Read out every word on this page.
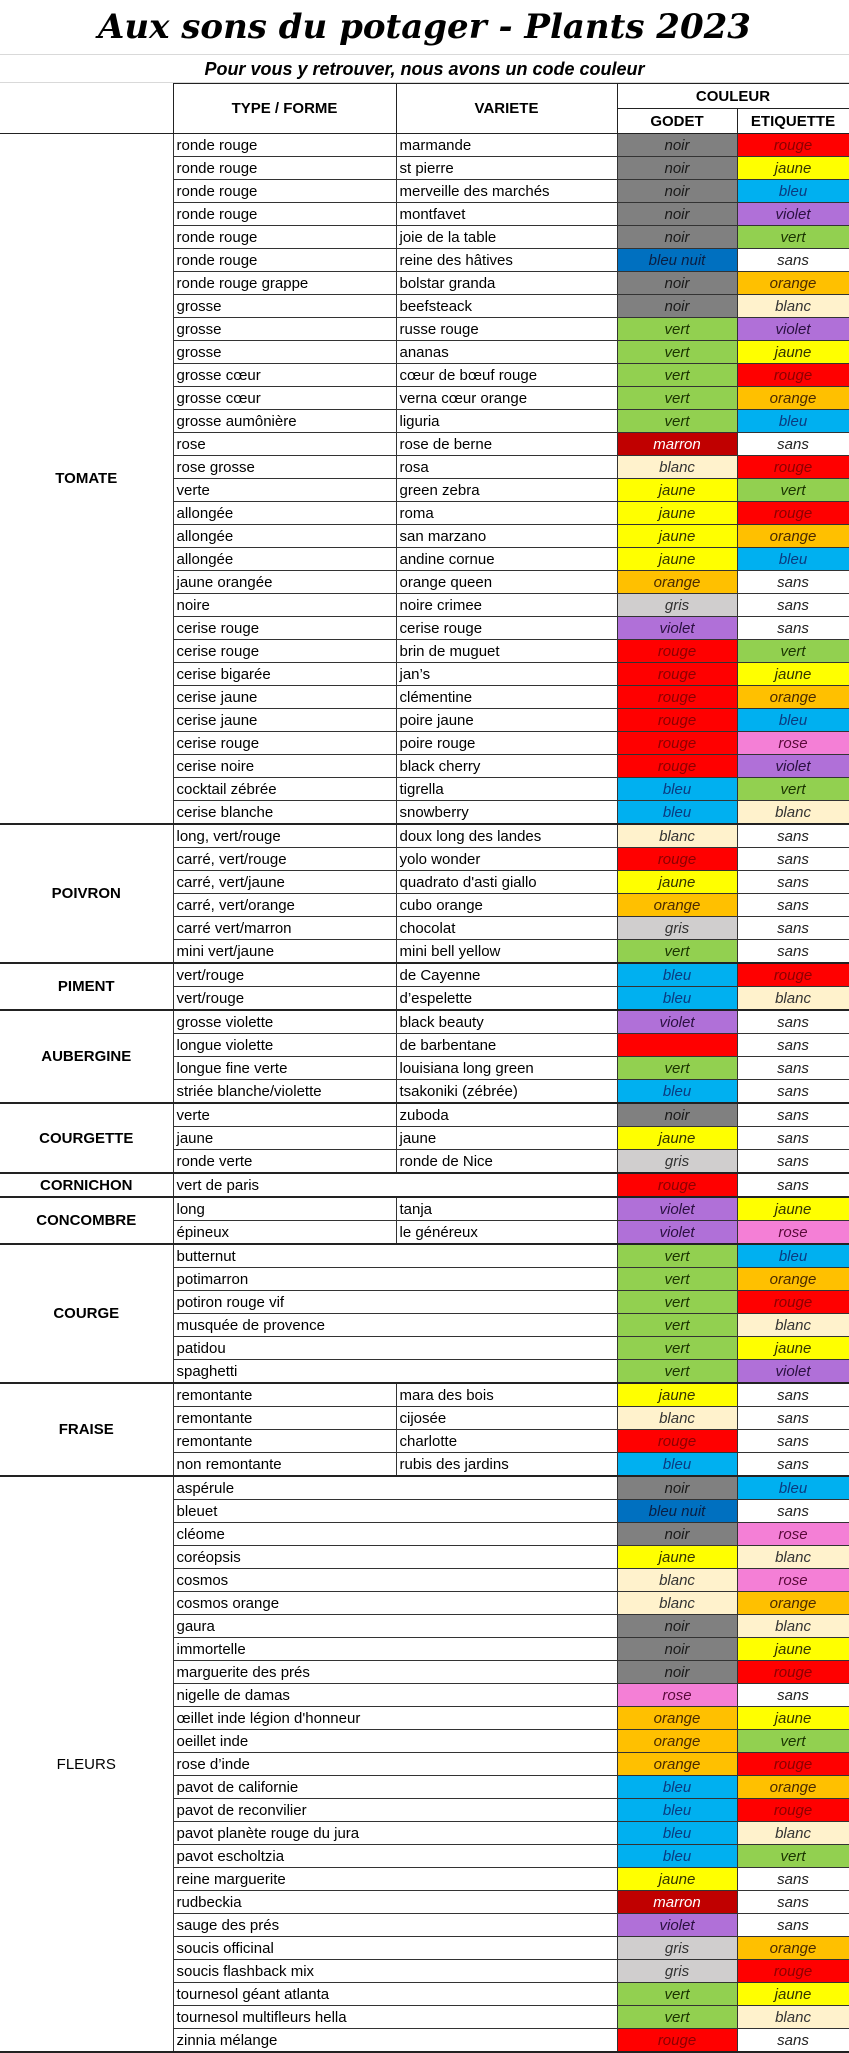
Aux sons du potager - Plants 2023
Pour vous y retrouver, nous avons un code couleur
	TYPE / FORME	VARIETE	COULEUR	
			GODET	ETIQUETTE
TOMATE	ronde rouge	marmande	noir	rouge
	ronde rouge	st pierre	noir	jaune
	ronde rouge	merveille des marchés	noir	bleu
	ronde rouge	montfavet	noir	violet
	ronde rouge	joie de la table	noir	vert
	ronde rouge	reine des hâtives	bleu nuit	sans
	ronde rouge grappe	bolstar granda	noir	orange
	grosse	beefsteack	noir	blanc
	grosse	russe rouge	vert	violet
	grosse	ananas	vert	jaune
	grosse cœur	cœur de bœuf rouge	vert	rouge
	grosse cœur	verna cœur orange	vert	orange
	grosse aumônière	liguria	vert	bleu
	rose	rose de berne	marron	sans
	rose grosse	rosa	blanc	rouge
	verte	green zebra	jaune	vert
	allongée	roma	jaune	rouge
	allongée	san marzano	jaune	orange
	allongée	andine cornue	jaune	bleu
	jaune orangée	orange queen	orange	sans
	noire	noire crimee	gris	sans
	cerise rouge	cerise rouge	violet	sans
	cerise rouge	brin de muguet	rouge	vert
	cerise bigarée	jan’s	rouge	jaune
	cerise jaune	clémentine	rouge	orange
	cerise jaune	poire jaune	rouge	bleu
	cerise rouge	poire rouge	rouge	rose
	cerise noire	black cherry	rouge	violet
	cocktail zébrée	tigrella	bleu	vert
	cerise blanche	snowberry	bleu	blanc
POIVRON	long, vert/rouge	doux long des landes	blanc	sans
	carré, vert/rouge	yolo wonder	rouge	sans
	carré, vert/jaune	quadrato d'asti giallo	jaune	sans
	carré, vert/orange	cubo orange	orange	sans
	carré vert/marron	chocolat	gris	sans
	mini vert/jaune	mini bell yellow	vert	sans
PIMENT	vert/rouge	de Cayenne	bleu	rouge
	vert/rouge	d’espelette	bleu	blanc
AUBERGINE	grosse violette	black beauty	violet	sans
	longue violette	de barbentane		sans
	longue fine verte	louisiana long green	vert	sans
	striée blanche/violette	tsakoniki (zébrée)	bleu	sans
COURGETTE	verte	zuboda	noir	sans
	jaune	jaune	jaune	sans
	ronde verte	ronde de Nice	gris	sans
CORNICHON	vert de paris		rouge	sans
CONCOMBRE	long	tanja	violet	jaune
	épineux	le généreux	violet	rose
COURGE	butternut		vert	bleu
	potimarron		vert	orange
	potiron rouge vif		vert	rouge
	musquée de provence		vert	blanc
	patidou		vert	jaune
	spaghetti		vert	violet
FRAISE	remontante	mara des bois	jaune	sans
	remontante	cijosée	blanc	sans
	remontante	charlotte	rouge	sans
	non remontante	rubis des jardins	bleu	sans
FLEURS	aspérule		noir	bleu
	bleuet		bleu nuit	sans
	cléome		noir	rose
	coréopsis		jaune	blanc
	cosmos		blanc	rose
	cosmos orange		blanc	orange
	gaura		noir	blanc
	immortelle		noir	jaune
	marguerite des prés		noir	rouge
	nigelle de damas		rose	sans
	œillet inde légion d'honneur		orange	jaune
	oeillet inde		orange	vert
	rose d’inde		orange	rouge
	pavot de californie		bleu	orange
	pavot de reconvilier		bleu	rouge
	pavot planète rouge du jura		bleu	blanc
	pavot escholtzia		bleu	vert
	reine marguerite		jaune	sans
	rudbeckia		marron	sans
	sauge des prés		violet	sans
	soucis officinal		gris	orange
	soucis flashback mix		gris	rouge
	tournesol géant atlanta		vert	jaune
	tournesol multifleurs hella		vert	blanc
	zinnia mélange		rouge	sans
